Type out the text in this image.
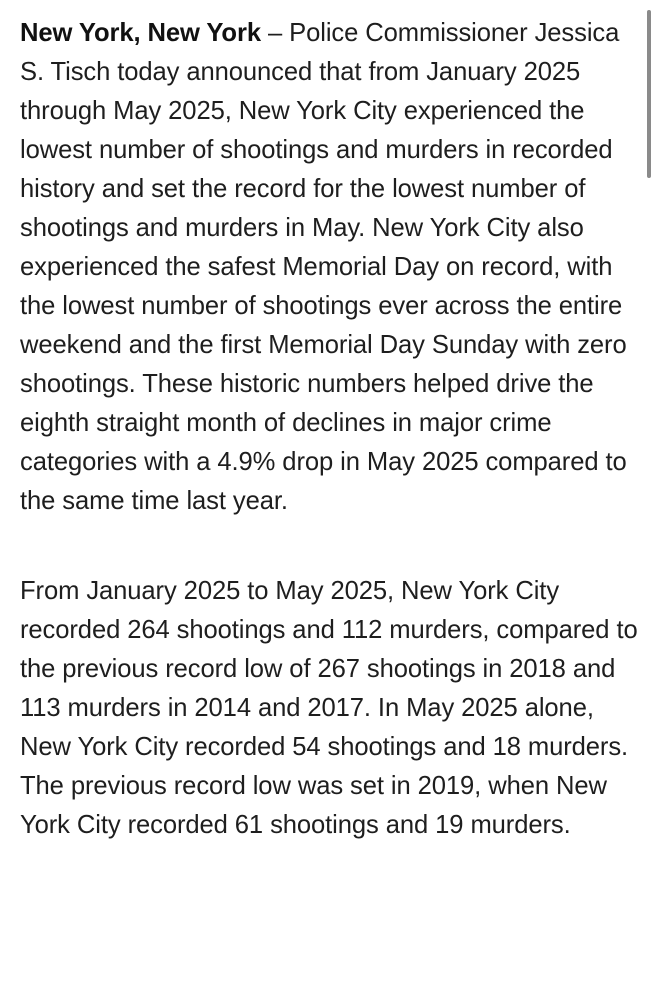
New York, New York – Police Commissioner Jessica S. Tisch today announced that from January 2025 through May 2025, New York City experienced the lowest number of shootings and murders in recorded history and set the record for the lowest number of shootings and murders in May. New York City also experienced the safest Memorial Day on record, with the lowest number of shootings ever across the entire weekend and the first Memorial Day Sunday with zero shootings. These historic numbers helped drive the eighth straight month of declines in major crime categories with a 4.9% drop in May 2025 compared to the same time last year.

From January 2025 to May 2025, New York City recorded 264 shootings and 112 murders, compared to the previous record low of 267 shootings in 2018 and 113 murders in 2014 and 2017. In May 2025 alone, New York City recorded 54 shootings and 18 murders. The previous record low was set in 2019, when New York City recorded 61 shootings and 19 murders.
